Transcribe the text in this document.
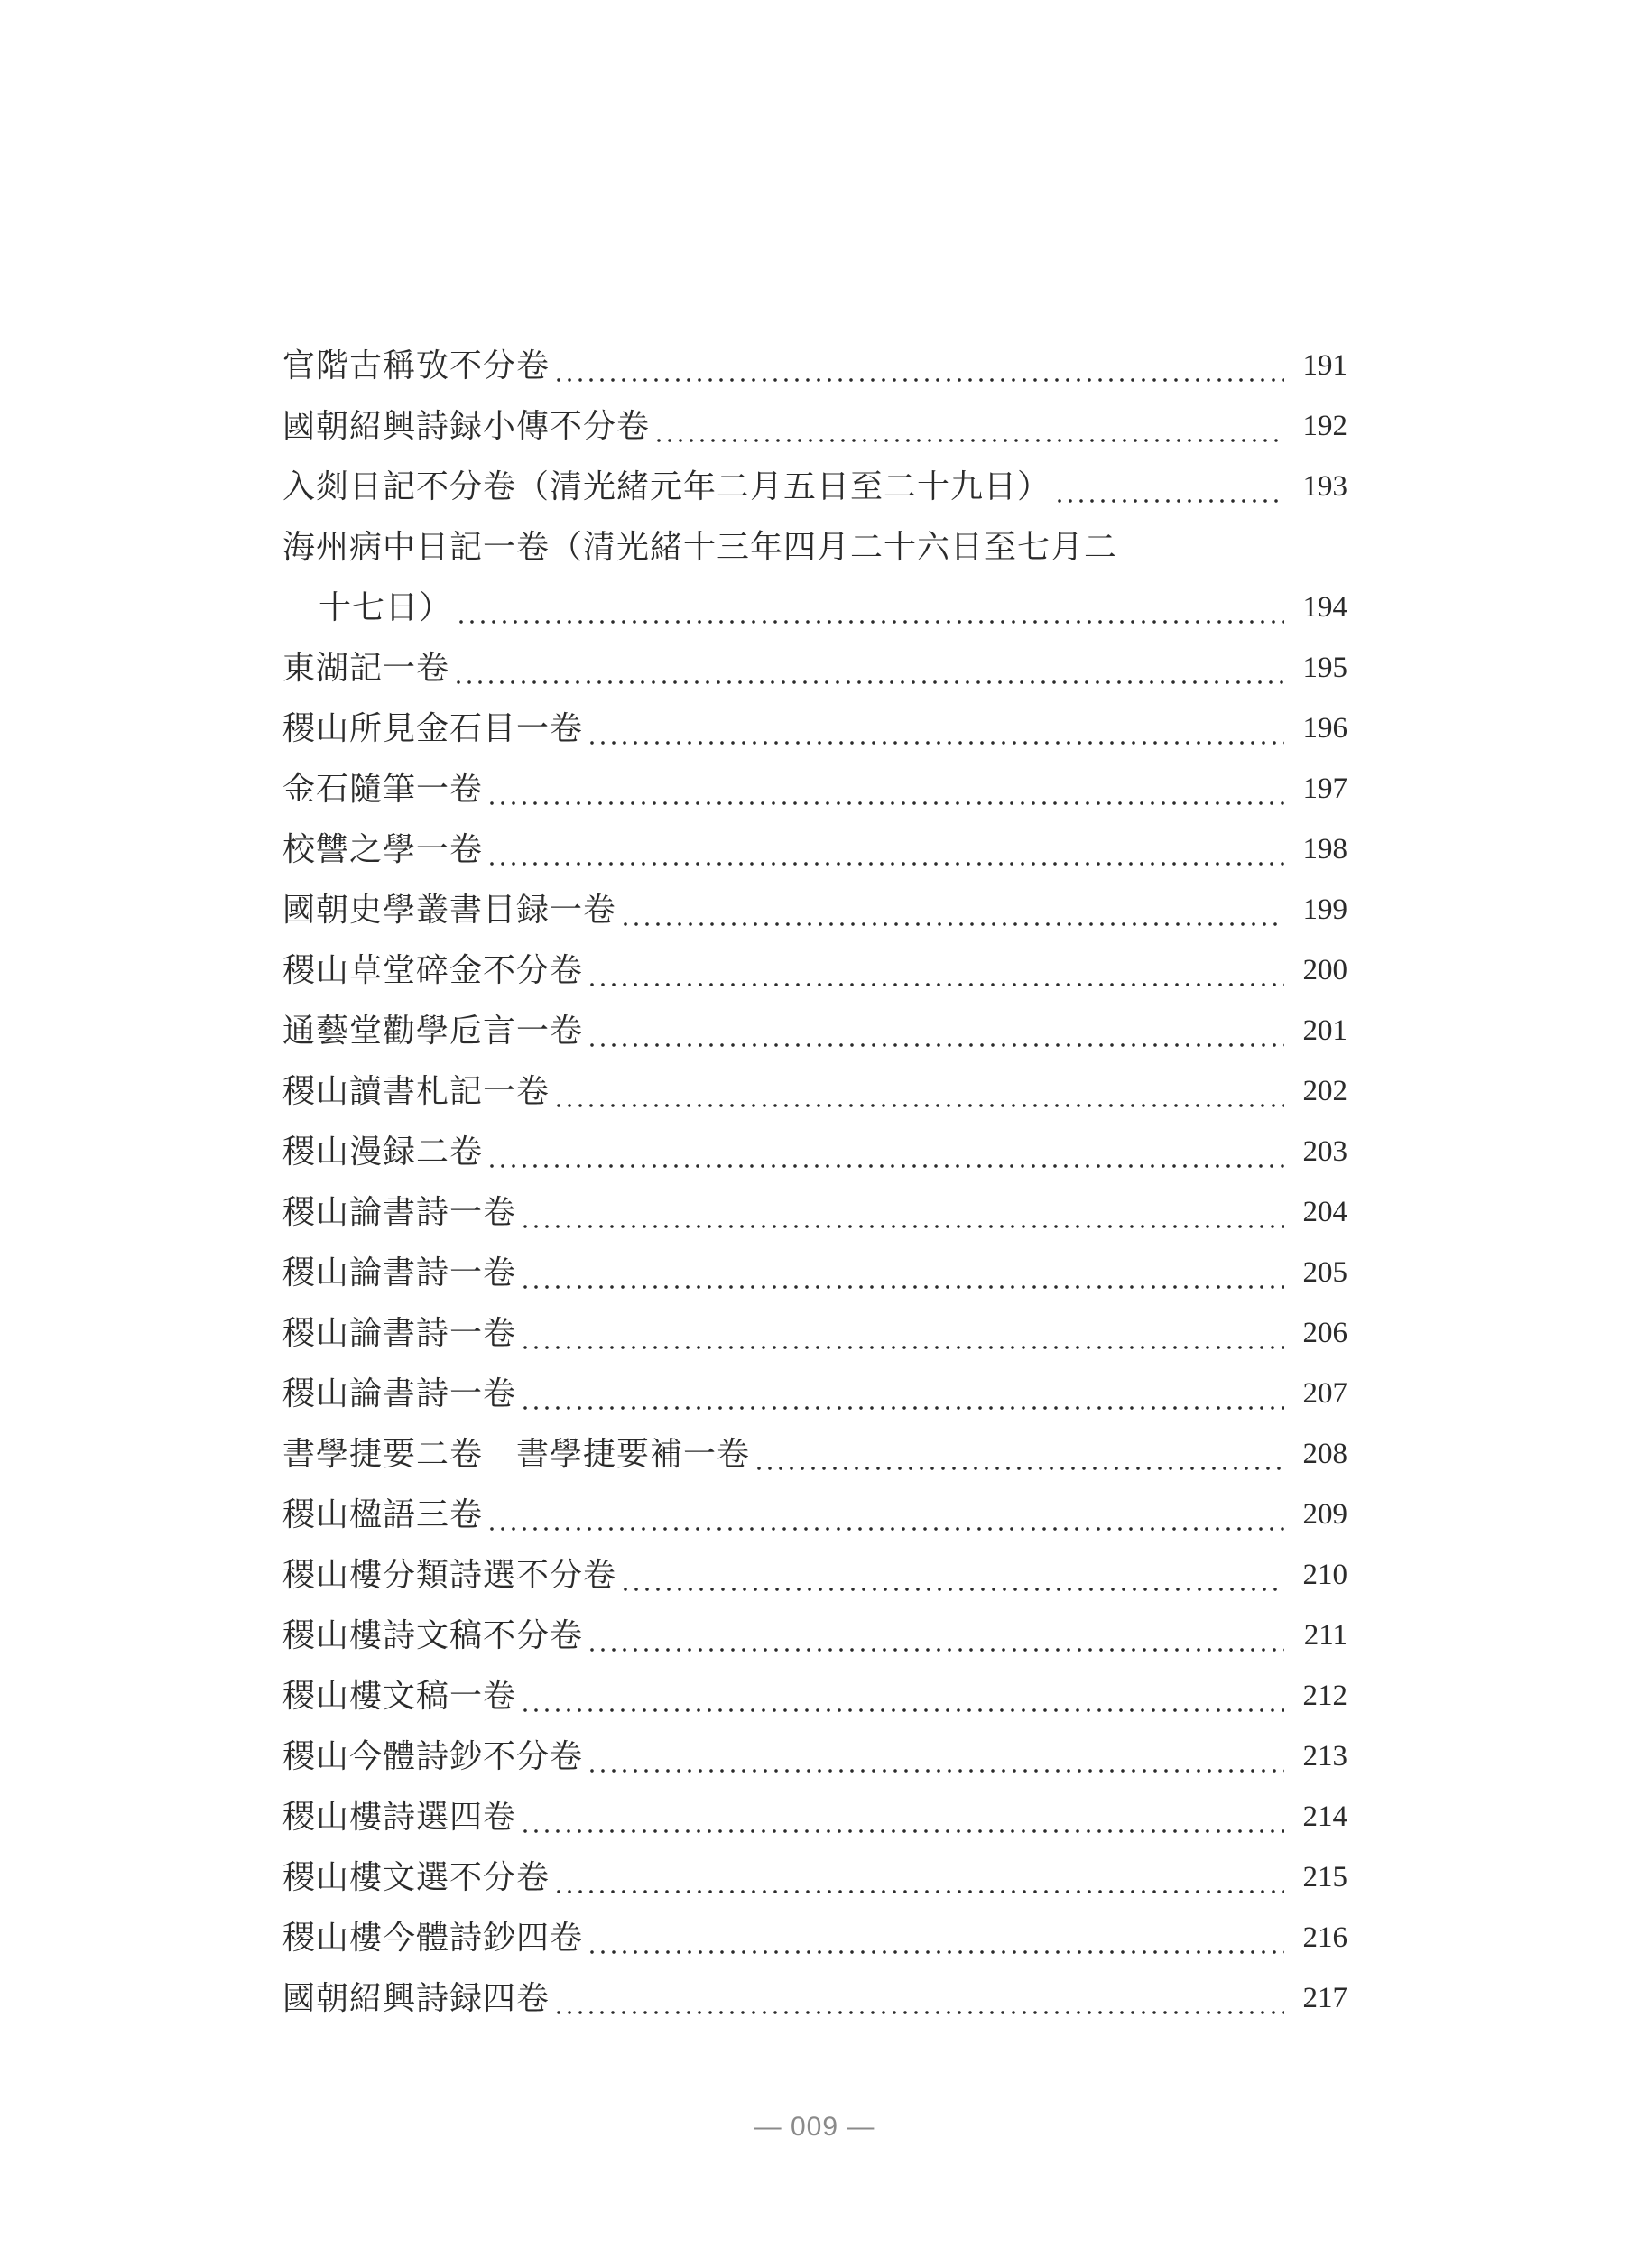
官階古稱攷不分卷	191
國朝紹興詩録小傳不分卷	192
入剡日記不分卷（清光緒元年二月五日至二十九日）	193
海州病中日記一卷（清光緒十三年四月二十六日至七月二
十七日）	194
東湖記一卷	195
稷山所見金石目一卷	196
金石隨筆一卷	197
校讐之學一卷	198
國朝史學叢書目録一卷	199
稷山草堂碎金不分卷	200
通藝堂勸學卮言一卷	201
稷山讀書札記一卷	202
稷山漫録二卷	203
稷山論書詩一卷	204
稷山論書詩一卷	205
稷山論書詩一卷	206
稷山論書詩一卷	207
書學捷要二卷　書學捷要補一卷	208
稷山楹語三卷	209
稷山樓分類詩選不分卷	210
稷山樓詩文稿不分卷	211
稷山樓文稿一卷	212
稷山今體詩鈔不分卷	213
稷山樓詩選四卷	214
稷山樓文選不分卷	215
稷山樓今體詩鈔四卷	216
國朝紹興詩録四卷	217
— 009 —
